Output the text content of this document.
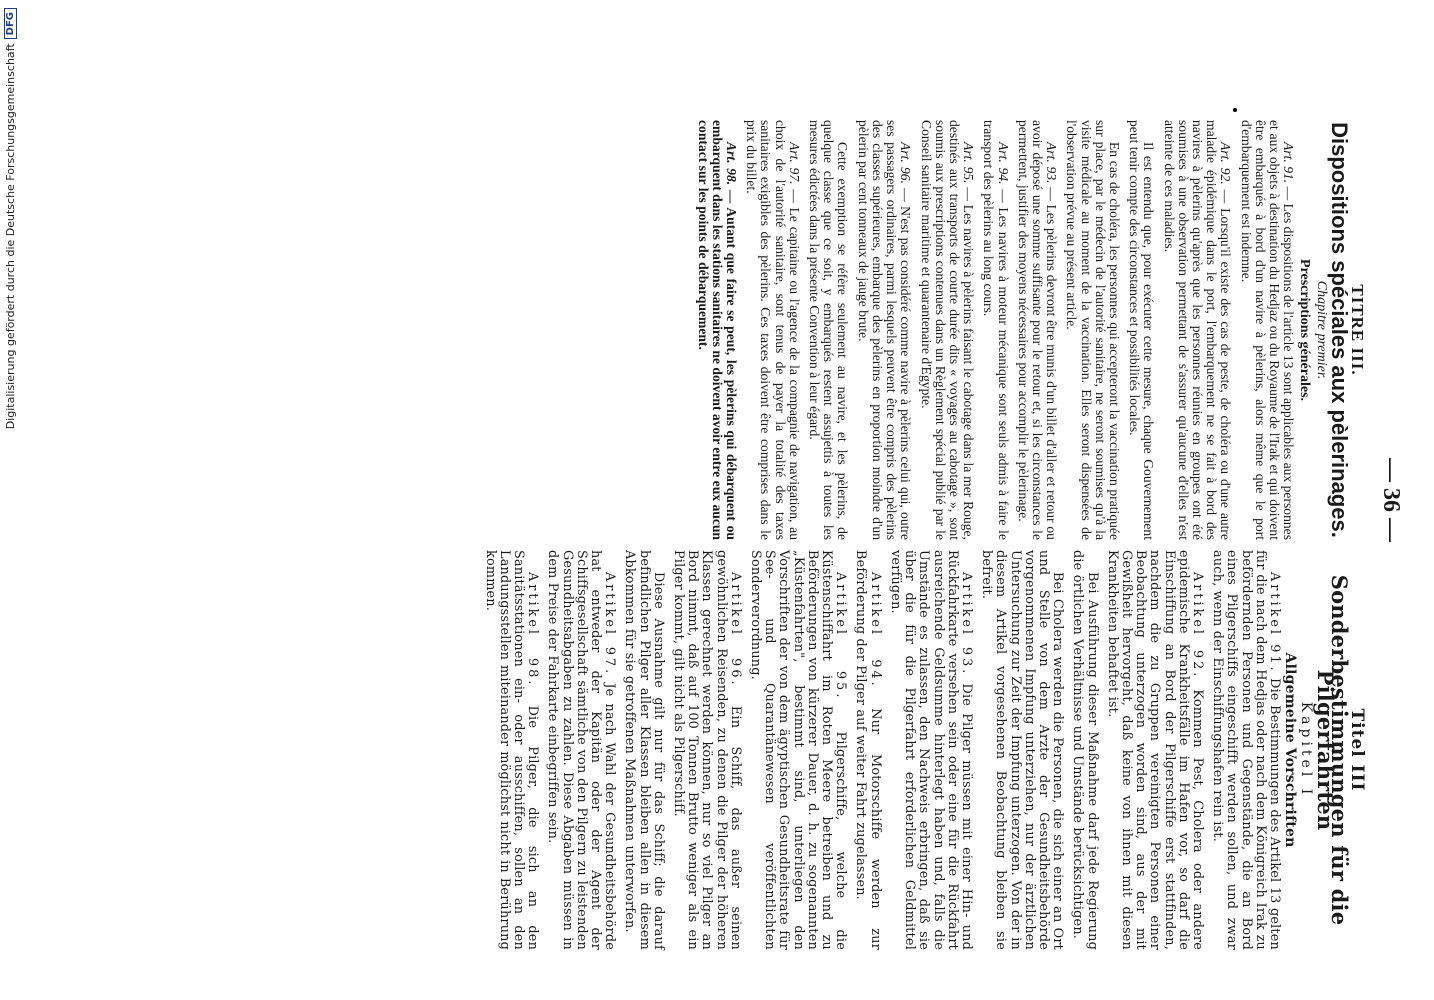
— 36 —
TITRE III.
Dispositions spéciales aux pèlerinages.
Chapitre premier.
Prescriptions générales.

Art. 91. — Les dispositions de l'article 13 sont applicables aux personnes et aux objets à destination du Hedjaz ou du Royaume de l'Irak et qui doivent être embarqués à bord d'un navire à pèlerins, alors même que le port d'embarquement est indemne.

Art. 92. — Lorsqu'il existe des cas de peste, de choléra ou d'une autre maladie épidémique dans le port, l'embarquement ne se fait à bord des navires à pèlerins qu'après que les personnes réunies en groupes ont été soumises à une observation permettant de s'assurer qu'aucune d'elles n'est atteinte de ces maladies.

Il est entendu que, pour exécuter cette mesure, chaque Gouvernement peut tenir compte des circonstances et possibilités locales.

En cas de choléra, les personnes qui accepteront la vaccination pratiquée sur place, par le médecin de l'autorité sanitaire, ne seront soumises qu'à la visite médicale au moment de la vaccination. Elles seront dispensées de l'observation prévue au présent article.

Art. 93. — Les pèlerins devront être munis d'un billet d'aller et retour ou avoir déposé une somme suffisante pour le retour et, si les circonstances le permettent, justifier des moyens nécessaires pour accomplir le pèlerinage.

Art. 94. — Les navires à moteur mécanique sont seuls admis à faire le transport des pèlerins au long cours.

Art. 95. — Les navires à pèlerins faisant le cabotage dans la mer Rouge, destinés aux transports de courte durée dits « voyages au cabotage », sont soumis aux prescriptions contenues dans un Règlement spécial publié par le Conseil sanitaire maritime et quarantenaire d'Egypte.

Art. 96. — N'est pas considéré comme navire à pèlerins celui qui, outre ses passagers ordinaires, parmi lesquels peuvent être compris des pèlerins des classes supérieures, embarque des pèlerins en proportion moindre d'un pèlerin par cent tonneaux de jauge brute.

Cette exemption se réfère seulement au navire, et les pèlerins, de quelque classe que ce soit, y embarqués restent assujettis à toutes les mesures édictées dans la présente Convention à leur égard.

Art. 97. — Le capitaine ou l'agence de la compagnie de navigation, au choix de l'autorité sanitaire, sont tenus de payer la totalité des taxes sanitaires exigibles des pèlerins. Ces taxes doivent être comprises dans le prix du billet.

Art. 98. — Autant que faire se peut, les pèlerins qui débarquent ou embarquent dans les stations sanitaires ne doivent avoir entre eux aucun contact sur les points de débarquement.

Titel III
Sonderbestimmungen für die Pilgerfahrten
Kapitel I
Allgemeine Vorschriften

Artikel 91. Die Bestimmungen des Artikel 13 gelten für die nach dem Hedjas oder nach dem Königreich Irak zu befördernden Personen und Gegenstände, die an Bord eines Pilgerschiffs eingeschifft werden sollen, und zwar auch, wenn der Einschiffungshafen rein ist.

Artikel 92. Kommen Pest, Cholera oder andere epidemische Krankheitsfälle im Hafen vor, so darf die Einschiffung an Bord der Pilgerschiffe erst stattfinden, nachdem die zu Gruppen vereinigten Personen einer Beobachtung unterzogen worden sind, aus der mit Gewißheit hervorgeht, daß keine von ihnen mit diesen Krankheiten behaftet ist.

Bei Ausführung dieser Maßnahme darf jede Regierung die örtlichen Verhältnisse und Umstände berücksichtigen.

Bei Cholera werden die Personen, die sich einer an Ort und Stelle von dem Arzte der Gesundheitsbehörde vorgenommenen Impfung unterziehen, nur der ärztlichen Untersuchung zur Zeit der Impfung unterzogen. Von der in diesem Artikel vorgesehenen Beobachtung bleiben sie befreit.

Artikel 93. Die Pilger müssen mit einer Hin- und Rückfahrkarte versehen sein oder eine für die Rückfahrt ausreichende Geldsumme hinterlegt haben und, falls die Umstände es zulassen, den Nachweis erbringen, daß sie über die für die Pilgerfahrt erforderlichen Geldmittel verfügen.

Artikel 94. Nur Motorschiffe werden zur Beförderung der Pilger auf weiter Fahrt zugelassen.

Artikel 95. Pilgerschiffe, welche die Küstenschiffahrt im Roten Meere betreiben und zu Beförderungen von kürzerer Dauer, d. h. zu sogenannten „Küstenfahrten", bestimmt sind, unterliegen den Vorschriften der von dem ägyptischen Gesundheitsrate für See- und Quarantänewesen veröffentlichten Sonderverordnung.

Artikel 96. Ein Schiff, das außer seinen gewöhnlichen Reisenden, zu denen die Pilger der höheren Klassen gerechnet werden können, nur so viel Pilger an Bord nimmt, daß auf 100 Tonnen Brutto weniger als ein Pilger kommt, gilt nicht als Pilgerschiff.

Diese Ausnahme gilt nur für das Schiff; die darauf befindlichen Pilger aller Klassen bleiben allen in diesem Abkommen für sie getroffenen Maßnahmen unterworfen.

Artikel 97. Je nach Wahl der Gesundheitsbehörde hat entweder der Kapitän oder der Agent der Schiffsgesellschaft sämtliche von den Pilgern zu leistenden Gesundheitsabgaben zu zahlen. Diese Abgaben müssen in dem Preise der Fahrkarte einbegriffen sein.

Artikel 98. Die Pilger, die sich an den Sanitätsstationen ein- oder ausschiffen, sollen an den Landungsstellen miteinander möglichst nicht in Berührung kommen.

Digitalisierung gefördert durch die Deutsche Forschungsgemeinschaft
DFG
